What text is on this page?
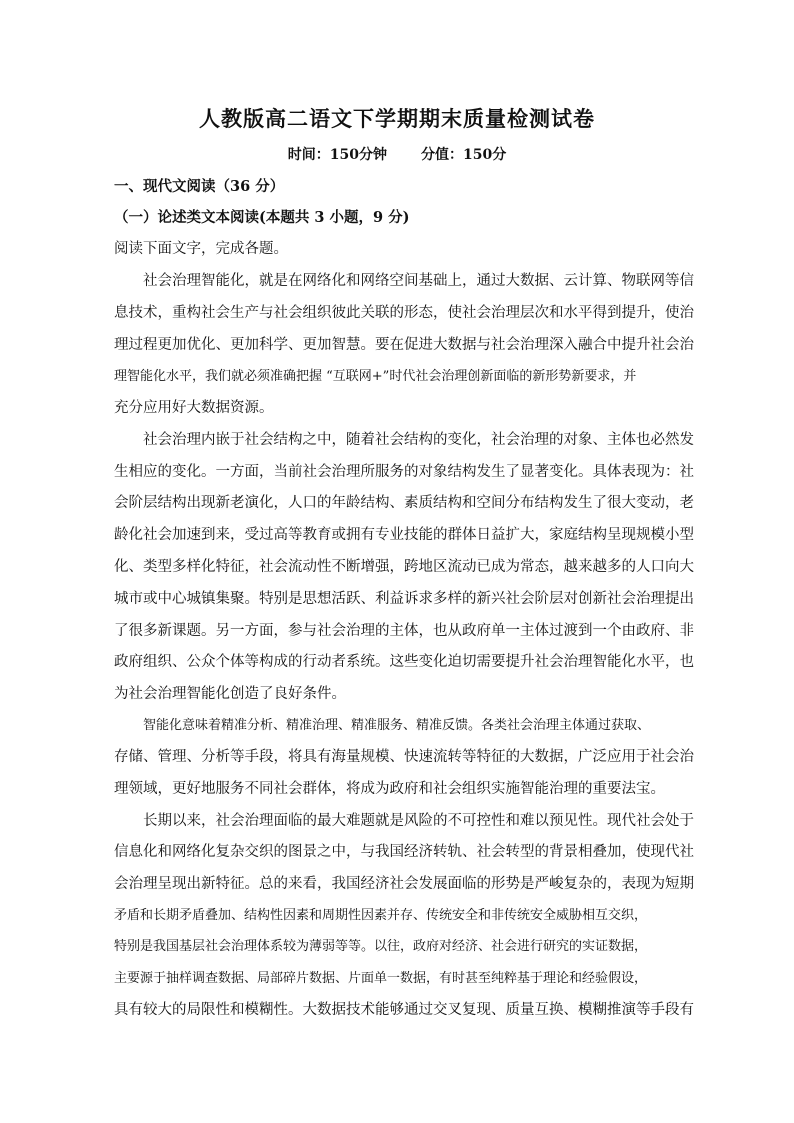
人教版高二语文下学期期末质量检测试卷
时间：150分钟 分值：150分
一、现代文阅读（36 分）
（一）论述类文本阅读(本题共 3 小题，9 分)
阅读下面文字，完成各题。
社会治理智能化，就是在网络化和网络空间基础上，通过大数据、云计算、物联网等信
息技术，重构社会生产与社会组织彼此关联的形态，使社会治理层次和水平得到提升，使治
理过程更加优化、更加科学、更加智慧。要在促进大数据与社会治理深入融合中提升社会治
理智能化水平，我们就必须准确把握 “互联网+”时代社会治理创新面临的新形势新要求，并
充分应用好大数据资源。
社会治理内嵌于社会结构之中，随着社会结构的变化，社会治理的对象、主体也必然发
生相应的变化。一方面，当前社会治理所服务的对象结构发生了显著变化。具体表现为：社
会阶层结构出现新老演化，人口的年龄结构、素质结构和空间分布结构发生了很大变动，老
龄化社会加速到来，受过高等教育或拥有专业技能的群体日益扩大，家庭结构呈现规模小型
化、类型多样化特征，社会流动性不断增强，跨地区流动已成为常态，越来越多的人口向大
城市或中心城镇集聚。特别是思想活跃、利益诉求多样的新兴社会阶层对创新社会治理提出
了很多新课题。另一方面，参与社会治理的主体，也从政府单一主体过渡到一个由政府、非
政府组织、公众个体等构成的行动者系统。这些变化迫切需要提升社会治理智能化水平，也
为社会治理智能化创造了良好条件。
智能化意味着精准分析、精准治理、精准服务、精准反馈。各类社会治理主体通过获取、
存储、管理、分析等手段，将具有海量规模、快速流转等特征的大数据，广泛应用于社会治
理领域，更好地服务不同社会群体，将成为政府和社会组织实施智能治理的重要法宝。
长期以来，社会治理面临的最大难题就是风险的不可控性和难以预见性。现代社会处于
信息化和网络化复杂交织的图景之中，与我国经济转轨、社会转型的背景相叠加，使现代社
会治理呈现出新特征。总的来看，我国经济社会发展面临的形势是严峻复杂的，表现为短期
矛盾和长期矛盾叠加、结构性因素和周期性因素并存、传统安全和非传统安全威胁相互交织，
特别是我国基层社会治理体系较为薄弱等等。以往，政府对经济、社会进行研究的实证数据，
主要源于抽样调查数据、局部碎片数据、片面单一数据，有时甚至纯粹基于理论和经验假设，
具有较大的局限性和模糊性。大数据技术能够通过交叉复现、质量互换、模糊推演等手段有
